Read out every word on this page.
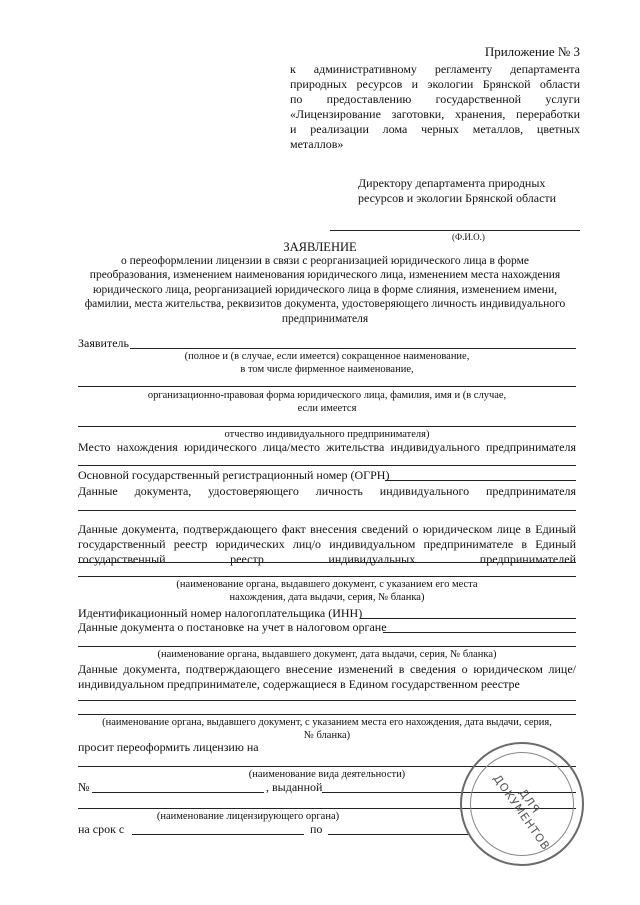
Приложение № 3
к административному регламенту департамента
природных ресурсов и экологии Брянской области
по предоставлению государственной услуги
«Лицензирование заготовки, хранения, переработки
и реализации лома черных металлов, цветных
металлов»
Директору департамента природных
ресурсов и экологии Брянской области
(Ф.И.О.)
ЗАЯВЛЕНИЕ
о переоформлении лицензии в связи с реорганизацией юридического лица в форме
преобразования, изменением наименования юридического лица, изменением места нахождения
юридического лица, реорганизацией юридического лица в форме слияния, изменением имени,
фамилии, места жительства, реквизитов документа, удостоверяющего личность индивидуального
предпринимателя
Заявитель
(полное и (в случае, если имеется) сокращенное наименование,
в том числе фирменное наименование,
организационно-правовая форма юридического лица, фамилия, имя и (в случае,
если имеется
отчество индивидуального предпринимателя)
Место нахождения юридического лица/место жительства индивидуального предпринимателя
Основной государственный регистрационный номер (ОГРН)
Данные документа, удостоверяющего личность индивидуального предпринимателя
Данные документа, подтверждающего факт внесения сведений о юридическом лице в Единый
государственный реестр юридических лиц/о индивидуальном предпринимателе в Единый
государственный реестр индивидуальных предпринимателей
(наименование органа, выдавшего документ, с указанием его места
нахождения, дата выдачи, серия, № бланка)
Идентификационный номер налогоплательщика (ИНН)
Данные документа о постановке на учет в налоговом органе
(наименование органа, выдавшего документ, дата выдачи, серия, № бланка)
Данные документа, подтверждающего внесение изменений в сведения о юридическом лице/
индивидуальном предпринимателе, содержащиеся в Едином государственном реестре
(наименование органа, выдавшего документ, с указанием места его нахождения, дата выдачи, серия,
№ бланка)
просит переоформить лицензию на
(наименование вида деятельности)
№	, выданной
(наименование лицензирующего органа)
на срок с	по
ДЛЯ ДОКУМЕНТОВ
